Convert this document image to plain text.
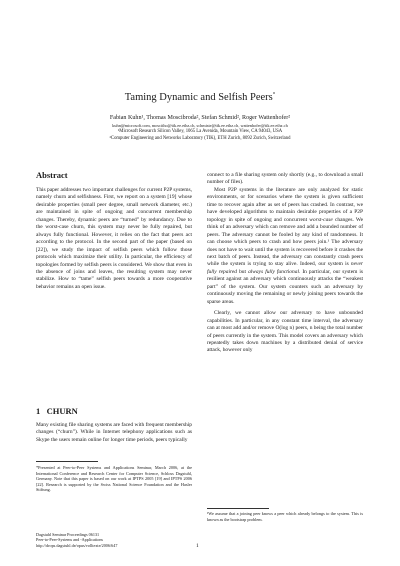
Taming Dynamic and Selfish Peers*
Fabian Kuhn¹, Thomas Moscibroda², Stefan Schmid², Roger Wattenhofer²
kuhn@microsoft.com, moscitho@tik.ee.ethz.ch, schmiste@tik.ee.ethz.ch, wattenhofer@tik.ee.ethz.ch
¹Microsoft Research Silicon Valley, 1065 La Avenida, Mountain View, CA 94043, USA
²Computer Engineering and Networks Laboratory (TIK), ETH Zurich, 8092 Zurich, Switzerland
Abstract

This paper addresses two important challenges for current P2P systems, namely churn and selfishness. First, we report on a system [19] whose desirable properties (small peer degree, small network diameter, etc.) are maintained in spite of ongoing and concurrent membership changes. Thereby, dynamic peers are “turned” by redundancy. Due to the worst-case churn, this system may never be fully repaired, but always fully functional. However, it relies on the fact that peers act according to the protocol. In the second part of the paper (based on [22]), we study the impact of selfish peers which follow those protocols which maximize their utility. In particular, the efficiency of topologies formed by selfish peers is considered. We show that even in the absence of joins and leaves, the resulting system may never stabilize. How to “tame” selfish peers towards a more cooperative behavior remains an open issue.

1 CHURN

Many existing file sharing systems are faced with frequent membership changes (“churn”). While in Internet telephony applications such as Skype the users remain online for longer time periods, peers typically

*Presented at Peer-to-Peer Systems and Applications Seminar, March 2006, at the International Conference and Research Center for Computer Science, Schloss Dagstuhl, Germany. Note that this paper is based on our work at IPTPS 2005 [19] and IPTPS 2006 [22]. Research is supported by the Swiss National Science Foundation and the Hasler Stiftung.
Dagstuhl Seminar Proceedings 06131
Peer-to-Peer-Systems and -Applications
http://drops.dagstuhl.de/opus/volltexte/2006/647

connect to a file sharing system only shortly (e.g., to download a small number of files).

Most P2P systems in the literature are only analyzed for static environments, or for scenarios where the system is given sufficient time to recover again after as set of peers has crashed. In contrast, we have developed algorithms to maintain desirable properties of a P2P topology in spite of ongoing and concurrent worst-case changes. We think of an adversary which can remove and add a bounded number of peers. The adversary cannot be fooled by any kind of randomness. It can choose which peers to crash and how peers join.¹ The adversary does not have to wait until the system is recovered before it crashes the next batch of peers. Instead, the adversary can constantly crash peers while the system is trying to stay alive. Indeed, our system is never fully repaired but always fully functional. In particular, our system is resilient against an adversary which continuously attacks the “weakest part” of the system. Our system counters such an adversary by continuously moving the remaining or newly joining peers towards the sparse areas.

Clearly, we cannot allow our adversary to have unbounded capabilities. In particular, in any constant time interval, the adversary can at most add and/or remove O(log n) peers, n being the total number of peers currently in the system. This model covers an adversary which repeatedly takes down machines by a distributed denial of service attack, however only

¹We assume that a joining peer knows a peer which already belongs to the system. This is known as the bootstrap problem.
1
